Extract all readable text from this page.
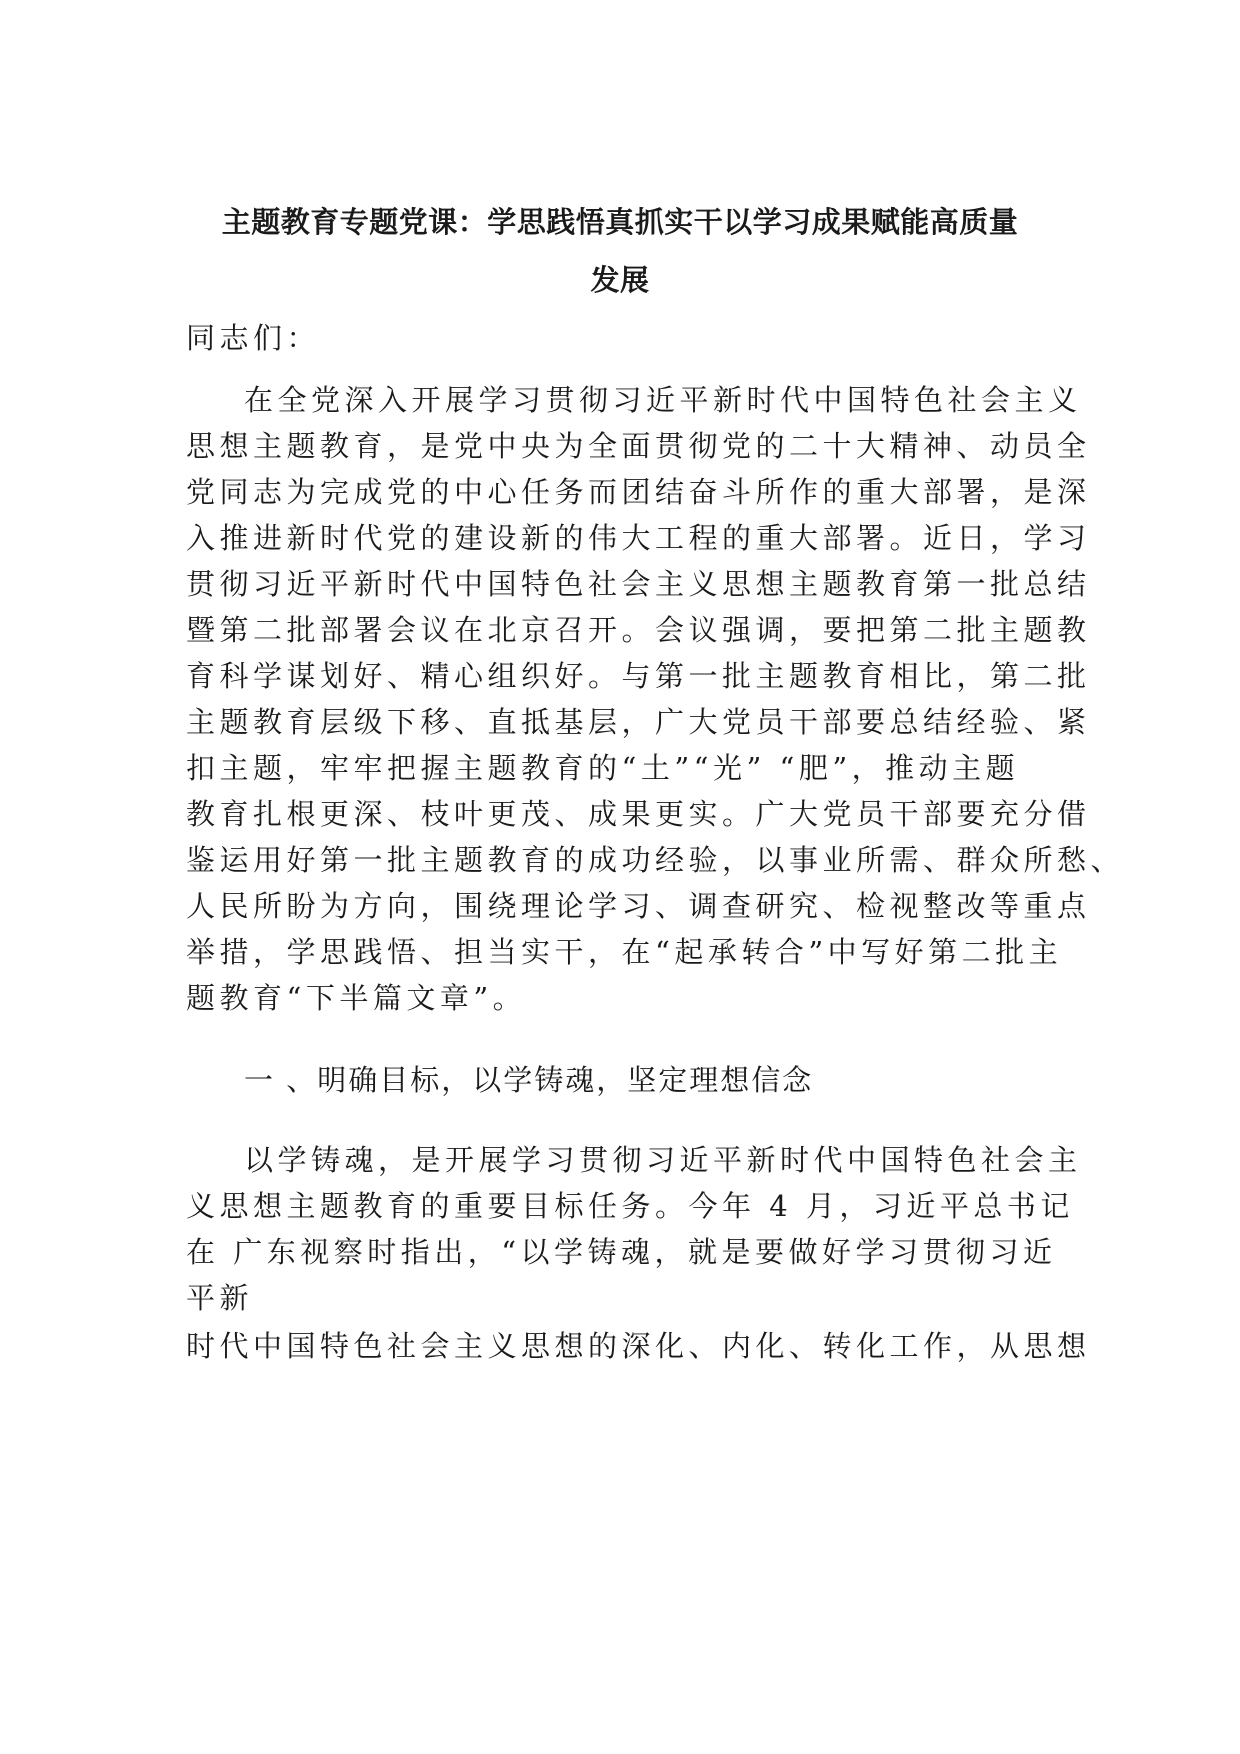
主题教育专题党课：学思践悟真抓实干以学习成果赋能高质量
发展
同志们：
在全党深入开展学习贯彻习近平新时代中国特色社会主义
思想主题教育，是党中央为全面贯彻党的二十大精神、动员全
党同志为完成党的中心任务而团结奋斗所作的重大部署，是深
入推进新时代党的建设新的伟大工程的重大部署。近日，学习
贯彻习近平新时代中国特色社会主义思想主题教育第一批总结
暨第二批部署会议在北京召开。会议强调，要把第二批主题教
育科学谋划好、精心组织好。与第一批主题教育相比，第二批
主题教育层级下移、直抵基层，广大党员干部要总结经验、紧
扣主题，牢牢把握主题教育的“土”“光” “肥”，推动主题
教育扎根更深、枝叶更茂、成果更实。广大党员干部要充分借
鉴运用好第一批主题教育的成功经验，以事业所需、群众所愁、
人民所盼为方向，围绕理论学习、调查研究、检视整改等重点
举措，学思践悟、担当实干，在“起承转合”中写好第二批主
题教育“下半篇文章”。
一 、明确目标，以学铸魂，坚定理想信念
以学铸魂，是开展学习贯彻习近平新时代中国特色社会主
义思想主题教育的重要目标任务。今年 4 月，习近平总书记
在 广东视察时指出，“以学铸魂，就是要做好学习贯彻习近
平新
时代中国特色社会主义思想的深化、内化、转化工作，从思想
